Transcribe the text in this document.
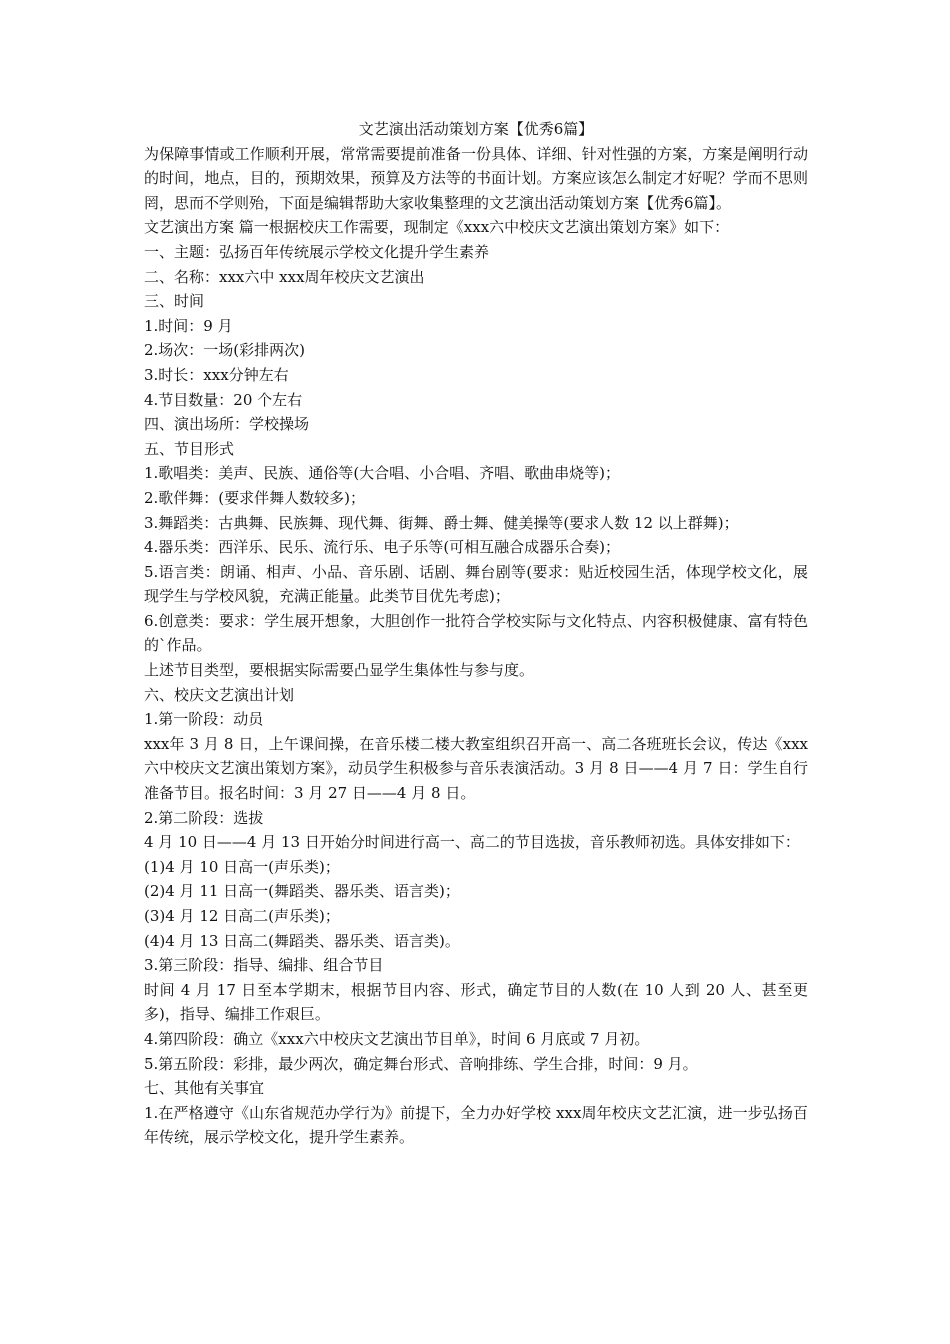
文艺演出活动策划方案【优秀6篇】

为保障事情或工作顺利开展，常常需要提前准备一份具体、详细、针对性强的方案，方案是阐明行动的时间，地点，目的，预期效果，预算及方法等的书面计划。方案应该怎么制定才好呢？学而不思则罔，思而不学则殆，下面是编辑帮助大家收集整理的文艺演出活动策划方案【优秀6篇】。

文艺演出方案 篇一根据校庆工作需要，现制定《xxx六中校庆文艺演出策划方案》如下：

一、主题：弘扬百年传统展示学校文化提升学生素养

二、名称：xxx六中 xxx周年校庆文艺演出

三、时间

1.时间：9 月

2.场次：一场(彩排两次)

3.时长：xxx分钟左右

4.节目数量：20 个左右

四、演出场所：学校操场

五、节目形式

1.歌唱类：美声、民族、通俗等(大合唱、小合唱、齐唱、歌曲串烧等)；

2.歌伴舞：(要求伴舞人数较多)；

3.舞蹈类：古典舞、民族舞、现代舞、街舞、爵士舞、健美操等(要求人数 12 以上群舞)；

4.器乐类：西洋乐、民乐、流行乐、电子乐等(可相互融合成器乐合奏)；

5.语言类：朗诵、相声、小品、音乐剧、话剧、舞台剧等(要求：贴近校园生活，体现学校文化，展现学生与学校风貌，充满正能量。此类节目优先考虑)；

6.创意类：要求：学生展开想象，大胆创作一批符合学校实际与文化特点、内容积极健康、富有特色的`作品。

上述节目类型，要根据实际需要凸显学生集体性与参与度。

六、校庆文艺演出计划

1.第一阶段：动员

xxx年 3 月 8 日，上午课间操，在音乐楼二楼大教室组织召开高一、高二各班班长会议，传达《xxx六中校庆文艺演出策划方案》，动员学生积极参与音乐表演活动。3 月 8 日——4 月 7 日：学生自行准备节目。报名时间：3 月 27 日——4 月 8 日。

2.第二阶段：选拔

4 月 10 日——4 月 13 日开始分时间进行高一、高二的节目选拔，音乐教师初选。具体安排如下：

(1)4 月 10 日高一(声乐类)；

(2)4 月 11 日高一(舞蹈类、器乐类、语言类)；

(3)4 月 12 日高二(声乐类)；

(4)4 月 13 日高二(舞蹈类、器乐类、语言类)。

3.第三阶段：指导、编排、组合节目

时间 4 月 17 日至本学期末，根据节目内容、形式，确定节目的人数(在 10 人到 20 人、甚至更多)，指导、编排工作艰巨。

4.第四阶段：确立《xxx六中校庆文艺演出节目单》，时间 6 月底或 7 月初。

5.第五阶段：彩排，最少两次，确定舞台形式、音响排练、学生合排，时间：9 月。

七、其他有关事宜

1.在严格遵守《山东省规范办学行为》前提下，全力办好学校 xxx周年校庆文艺汇演，进一步弘扬百年传统，展示学校文化，提升学生素养。
